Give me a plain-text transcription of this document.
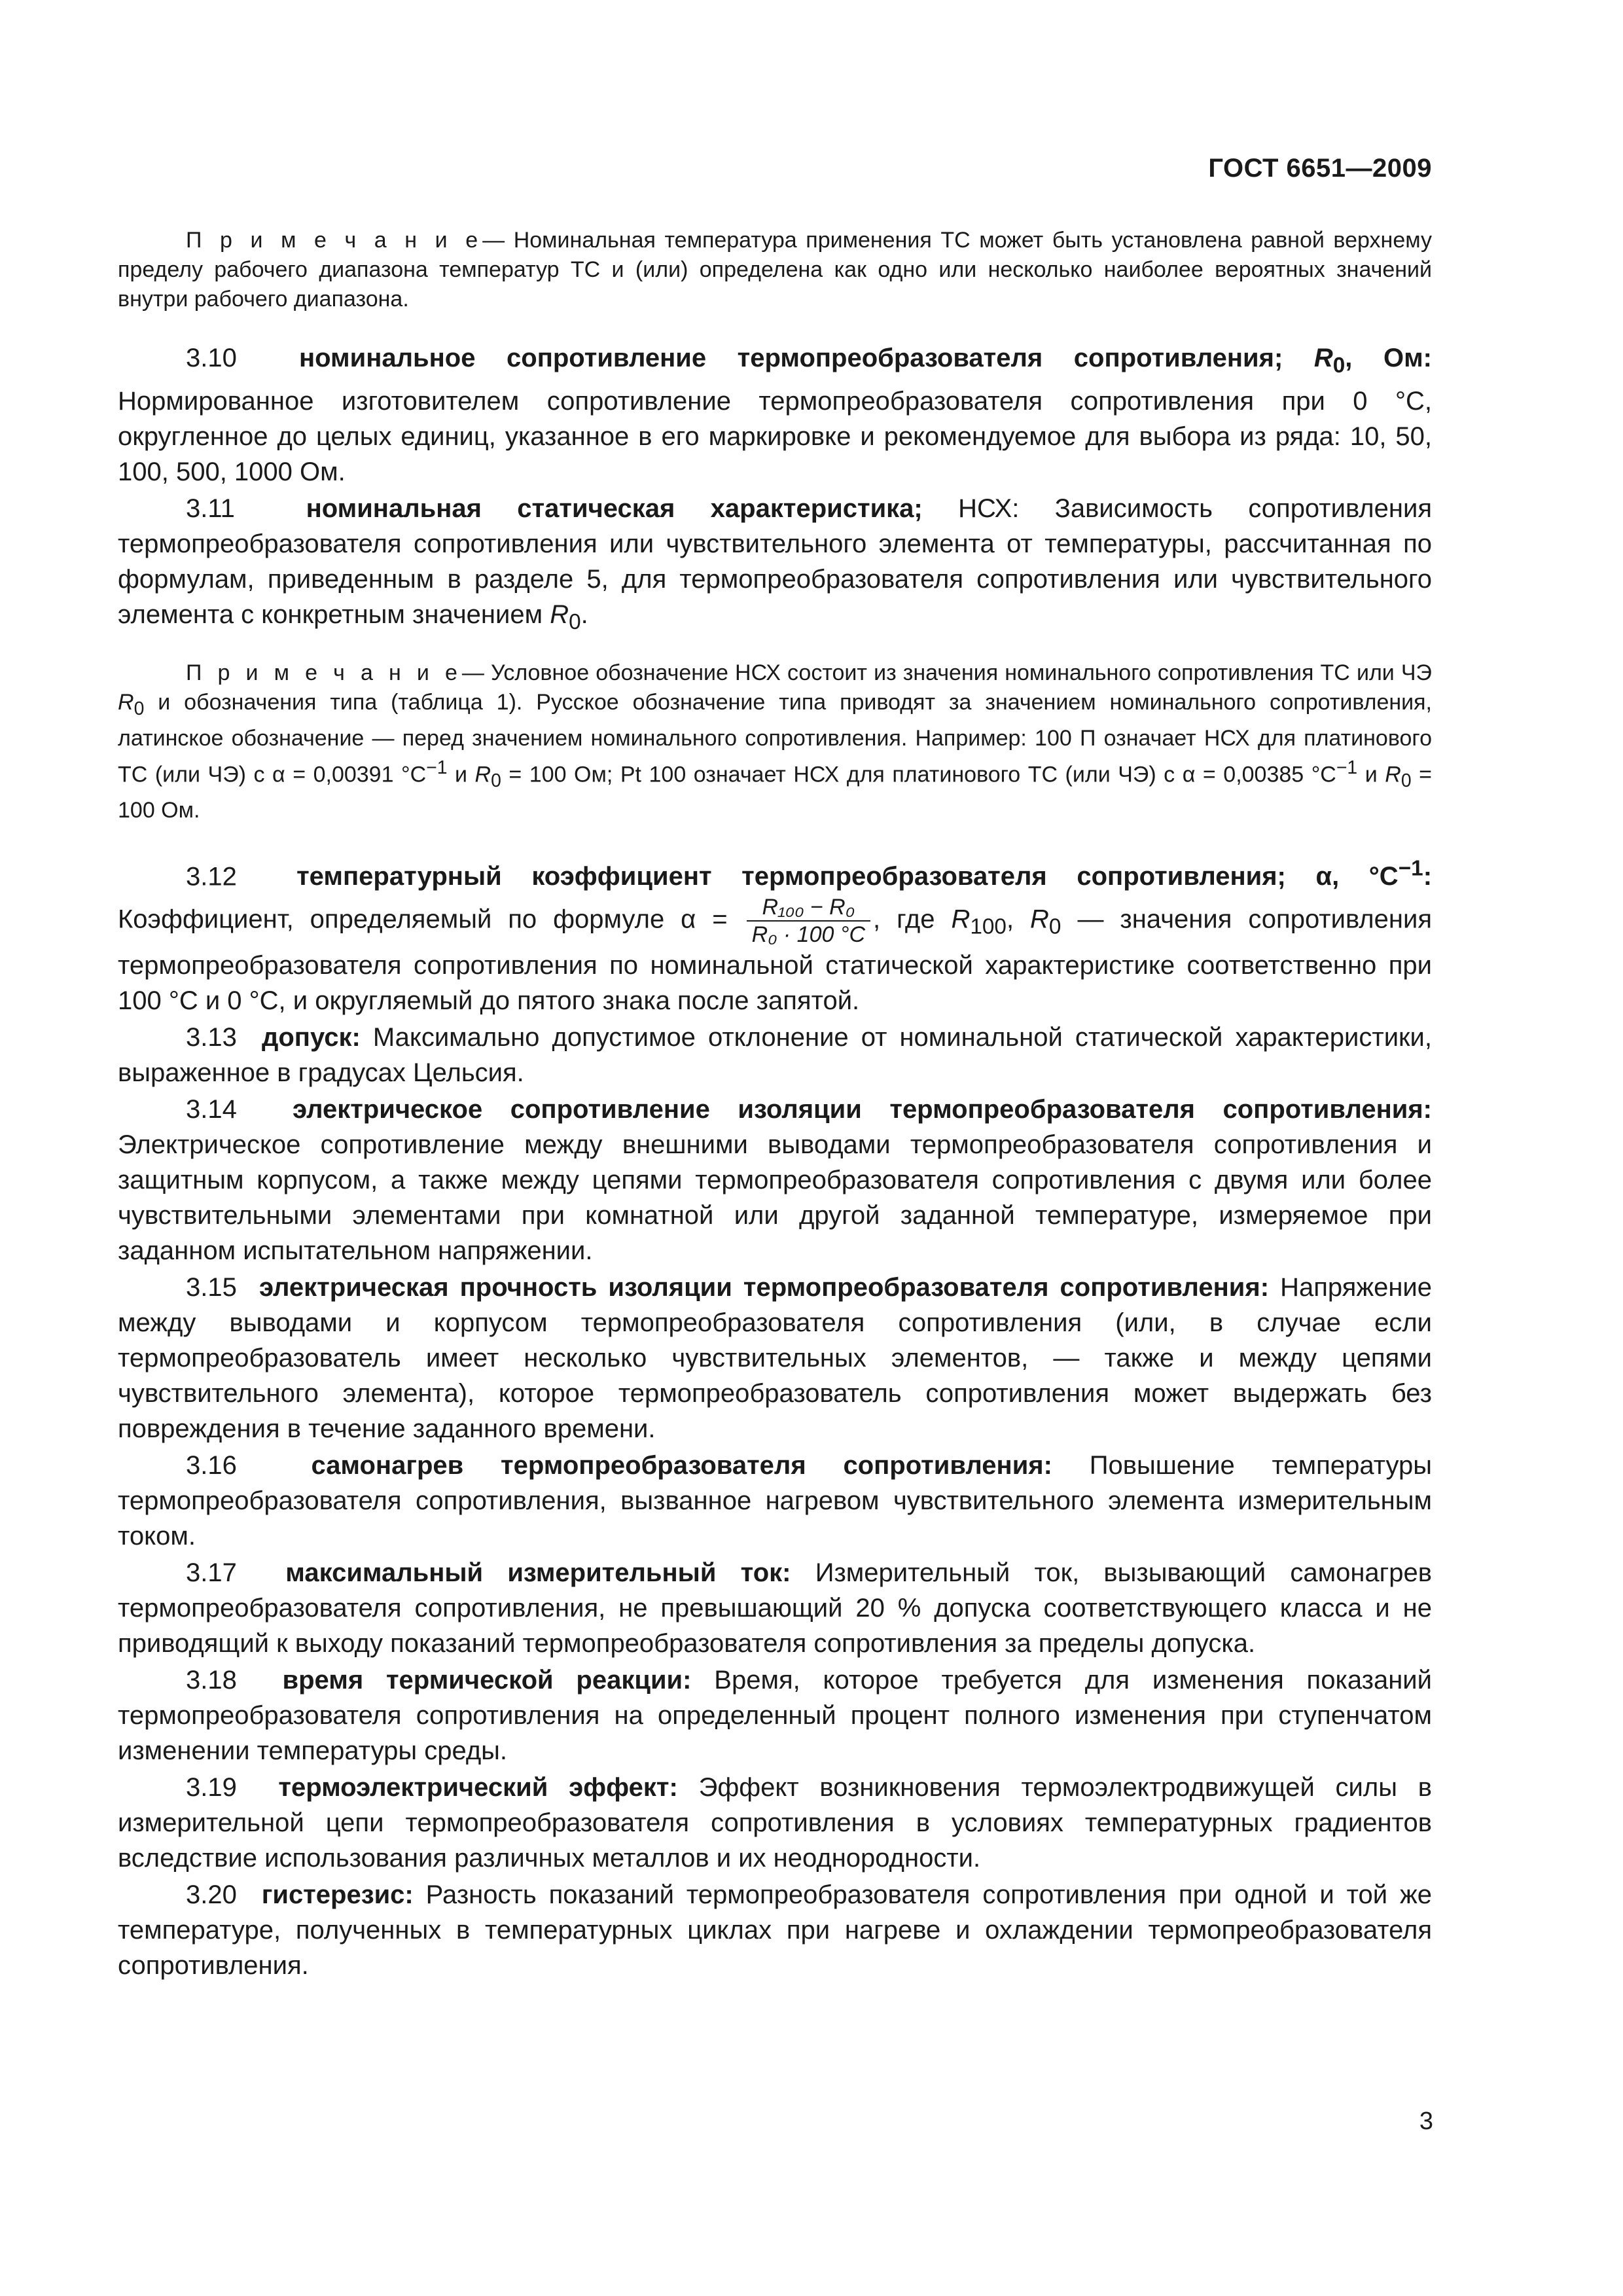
ГОСТ 6651—2009

П р и м е ч а н и е— Номинальная температура применения ТС может быть установлена равной верхнему пределу рабочего диапазона температур ТС и (или) определена как одно или несколько наиболее вероятных значений внутри рабочего диапазона.

3.10 номинальное сопротивление термопреобразователя сопротивления; $R_0$, Ом: Нормированное изготовителем сопротивление термопреобразователя сопротивления при 0 °С, округленное до целых единиц, указанное в его маркировке и рекомендуемое для выбора из ряда: 10, 50, 100, 500, 1000 Ом.

3.11	номинальная статическая характеристика; НСХ: Зависимость сопротивления термопреобразователя сопротивления или чувствительного элемента от температуры, рассчитанная по формулам, приведенным в разделе 5, для термопреобразователя сопротивления или чувствительного элемента с конкретным значением $R_0$.

П р и м е ч а н и е— Условное обозначение НСХ состоит из значения номинального сопротивления ТС или ЧЭ $R_0$ и обозначения типа (таблица 1). Русское обозначение типа приводят за значением номинального сопротивления, латинское обозначение — перед значением номинального сопротивления. Например: 100 П означает НСХ для платинового ТС (или ЧЭ) с α = 0,00391 $^\circ С^{-1}$ и $R_0 = 100$ Ом; Pt 100 означает НСХ для платинового ТС (или ЧЭ) с α = 0,00385 $^\circ С^{-1}$ и $R_0 = 100$ Ом.

3.12 температурный коэффициент термопреобразователя сопротивления; α, $^\circ С^{-1}$: Коэффициент, определяемый по формуле $\alpha = \frac{\text{R₁₀₀ − R₀}}{\text{R₀ · 100 °С}}$ , где $R_{100}$, $R_0$ — значения сопротивления термопреобразователя сопротивления по номинальной статической характеристике соответственно при 100 °С и 0 °С, и округляемый до пятого знака после запятой.

3.13 допуск: Максимально допустимое отклонение от номинальной статической характеристики, выраженное в градусах Цельсия.

3.14 электрическое сопротивление изоляции термопреобразователя сопротивления: Электрическое сопротивление между внешними выводами термопреобразователя сопротивления и защитным корпусом, а также между цепями термопреобразователя сопротивления с двумя или более чувствительными элементами при комнатной или другой заданной температуре, измеряемое при заданном испытательном напряжении.

3.15 электрическая прочность изоляции термопреобразователя сопротивления: Напряжение между выводами и корпусом термопреобразователя сопротивления (или, в случае если термопреобразователь имеет несколько чувствительных элементов, — также и между цепями чувствительного элемента), которое термопреобразователь сопротивления может выдержать без повреждения в течение заданного времени.

3.16	самонагрев термопреобразователя сопротивления: Повышение температуры термопреобразователя сопротивления, вызванное нагревом чувствительного элемента измерительным током.

3.17 максимальный измерительный ток: Измерительный ток, вызывающий самонагрев термопреобразователя сопротивления, не превышающий 20 % допуска соответствующего класса и не приводящий к выходу показаний термопреобразователя сопротивления за пределы допуска.

3.18 время термической реакции: Время, которое требуется для изменения показаний термопреобразователя сопротивления на определенный процент полного изменения при ступенчатом изменении температуры среды.

3.19 термоэлектрический эффект: Эффект возникновения термоэлектродвижущей силы в измерительной цепи термопреобразователя сопротивления в условиях температурных градиентов вследствие использования различных металлов и их неоднородности.

3.20 гистерезис: Разность показаний термопреобразователя сопротивления при одной и той же температуре, полученных в температурных циклах при нагреве и охлаждении термопреобразователя сопротивления.

3
